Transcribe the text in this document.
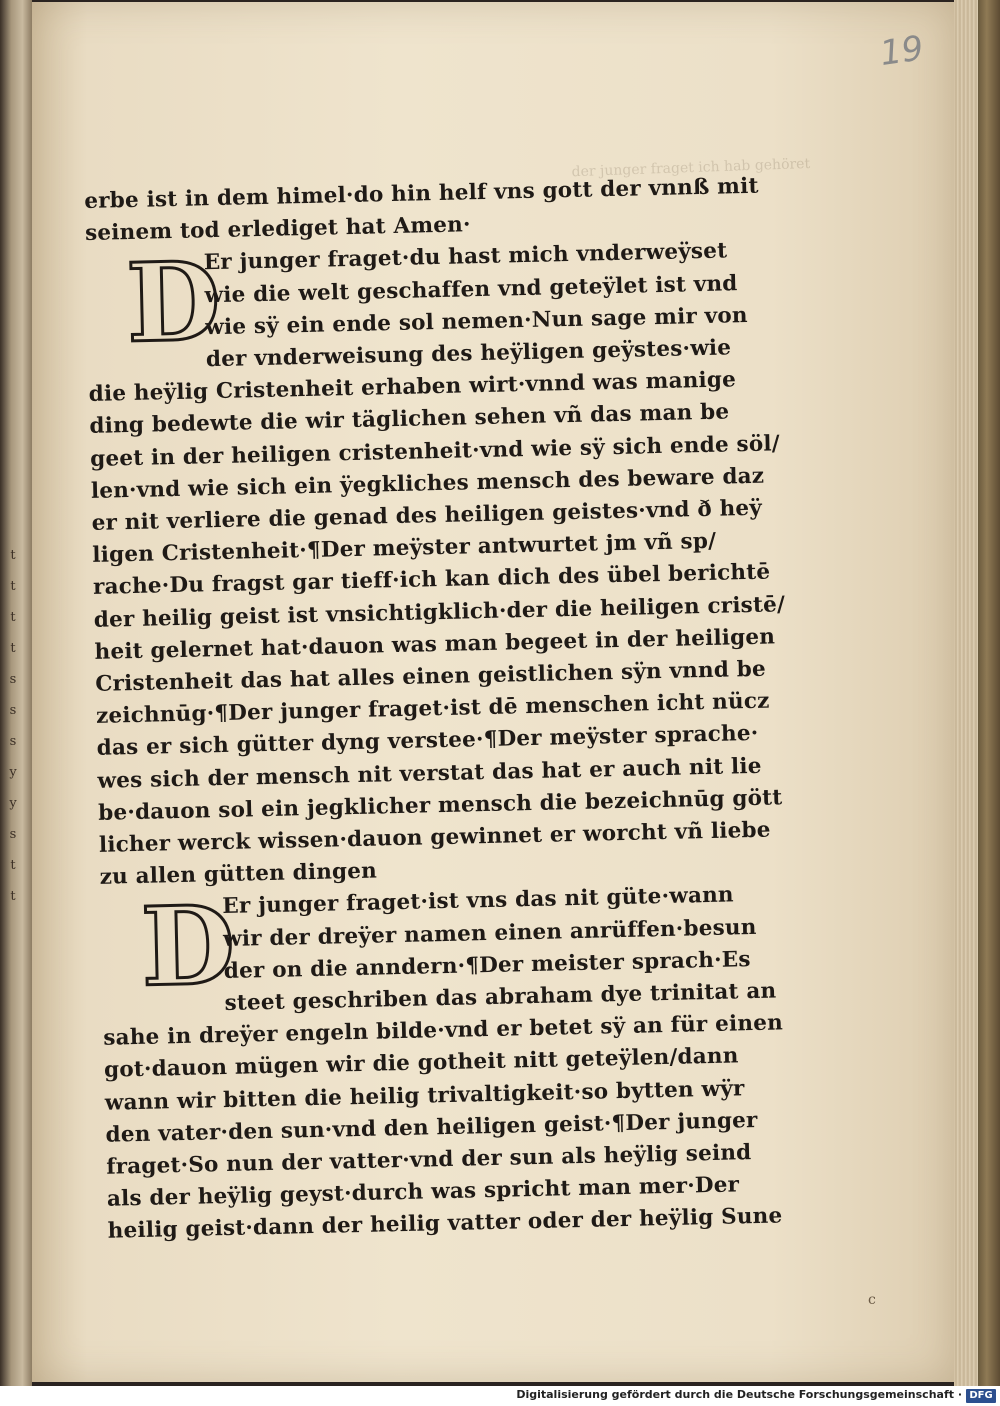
t
t
t
t
s
s
s
y
y
s
t
t
der junger fraget ich hab gehöret
erbe ist in dem himel·do hin helf vns gott der vnnß mit
seinem tod erlediget hat Amen·
Er junger fraget·du hast mich vnderweÿset
wie die welt geschaffen vnd geteÿlet ist vnd
wie sÿ ein ende sol nemen·Nun sage mir von
der vnderweisung des heÿligen geÿstes·wie
die heÿlig Cristenheit erhaben wirt·vnnd was manige
ding bedewte die wir täglichen sehen vñ das man be
geet in der heiligen cristenheit·vnd wie sÿ sich ende söl/
len·vnd wie sich ein ÿegkliches mensch des beware daz
er nit verliere die genad des heiligen geistes·vnd ð heÿ
ligen Cristenheit·¶Der meÿster antwurtet jm vñ sp/
rache·Du fragst gar tieff·ich kan dich des übel berichtē
der heilig geist ist vnsichtigklich·der die heiligen cristē/
heit gelernet hat·dauon was man begeet in der heiligen
Cristenheit das hat alles einen geistlichen sÿn vnnd be
zeichnūg·¶Der junger fraget·ist dē menschen icht nücz
das er sich gütter dyng verstee·¶Der meÿster sprache·
wes sich der mensch nit verstat das hat er auch nit lie
be·dauon sol ein jegklicher mensch die bezeichnūg gött
licher werck wissen·dauon gewinnet er worcht vñ liebe
zu allen gütten dingen
Er junger fraget·ist vns das nit güte·wann
wir der dreÿer namen einen anrüffen·besun
der on die anndern·¶Der meister sprach·Es
steet geschriben das abraham dye trinitat an
sahe in dreÿer engeln bilde·vnd er betet sÿ an für einen
got·dauon mügen wir die gotheit nitt geteÿlen/dann
wann wir bitten die heilig trivaltigkeit·so bytten wÿr
den vater·den sun·vnd den heiligen geist·¶Der junger
fraget·So nun der vatter·vnd der sun als heÿlig seind
als der heÿlig geyst·durch was spricht man mer·Der
heilig geist·dann der heilig vatter oder der heÿlig Sune
D
D
19
c
Digitalisierung gefördert durch die Deutsche Forschungsgemeinschaft · DFG
